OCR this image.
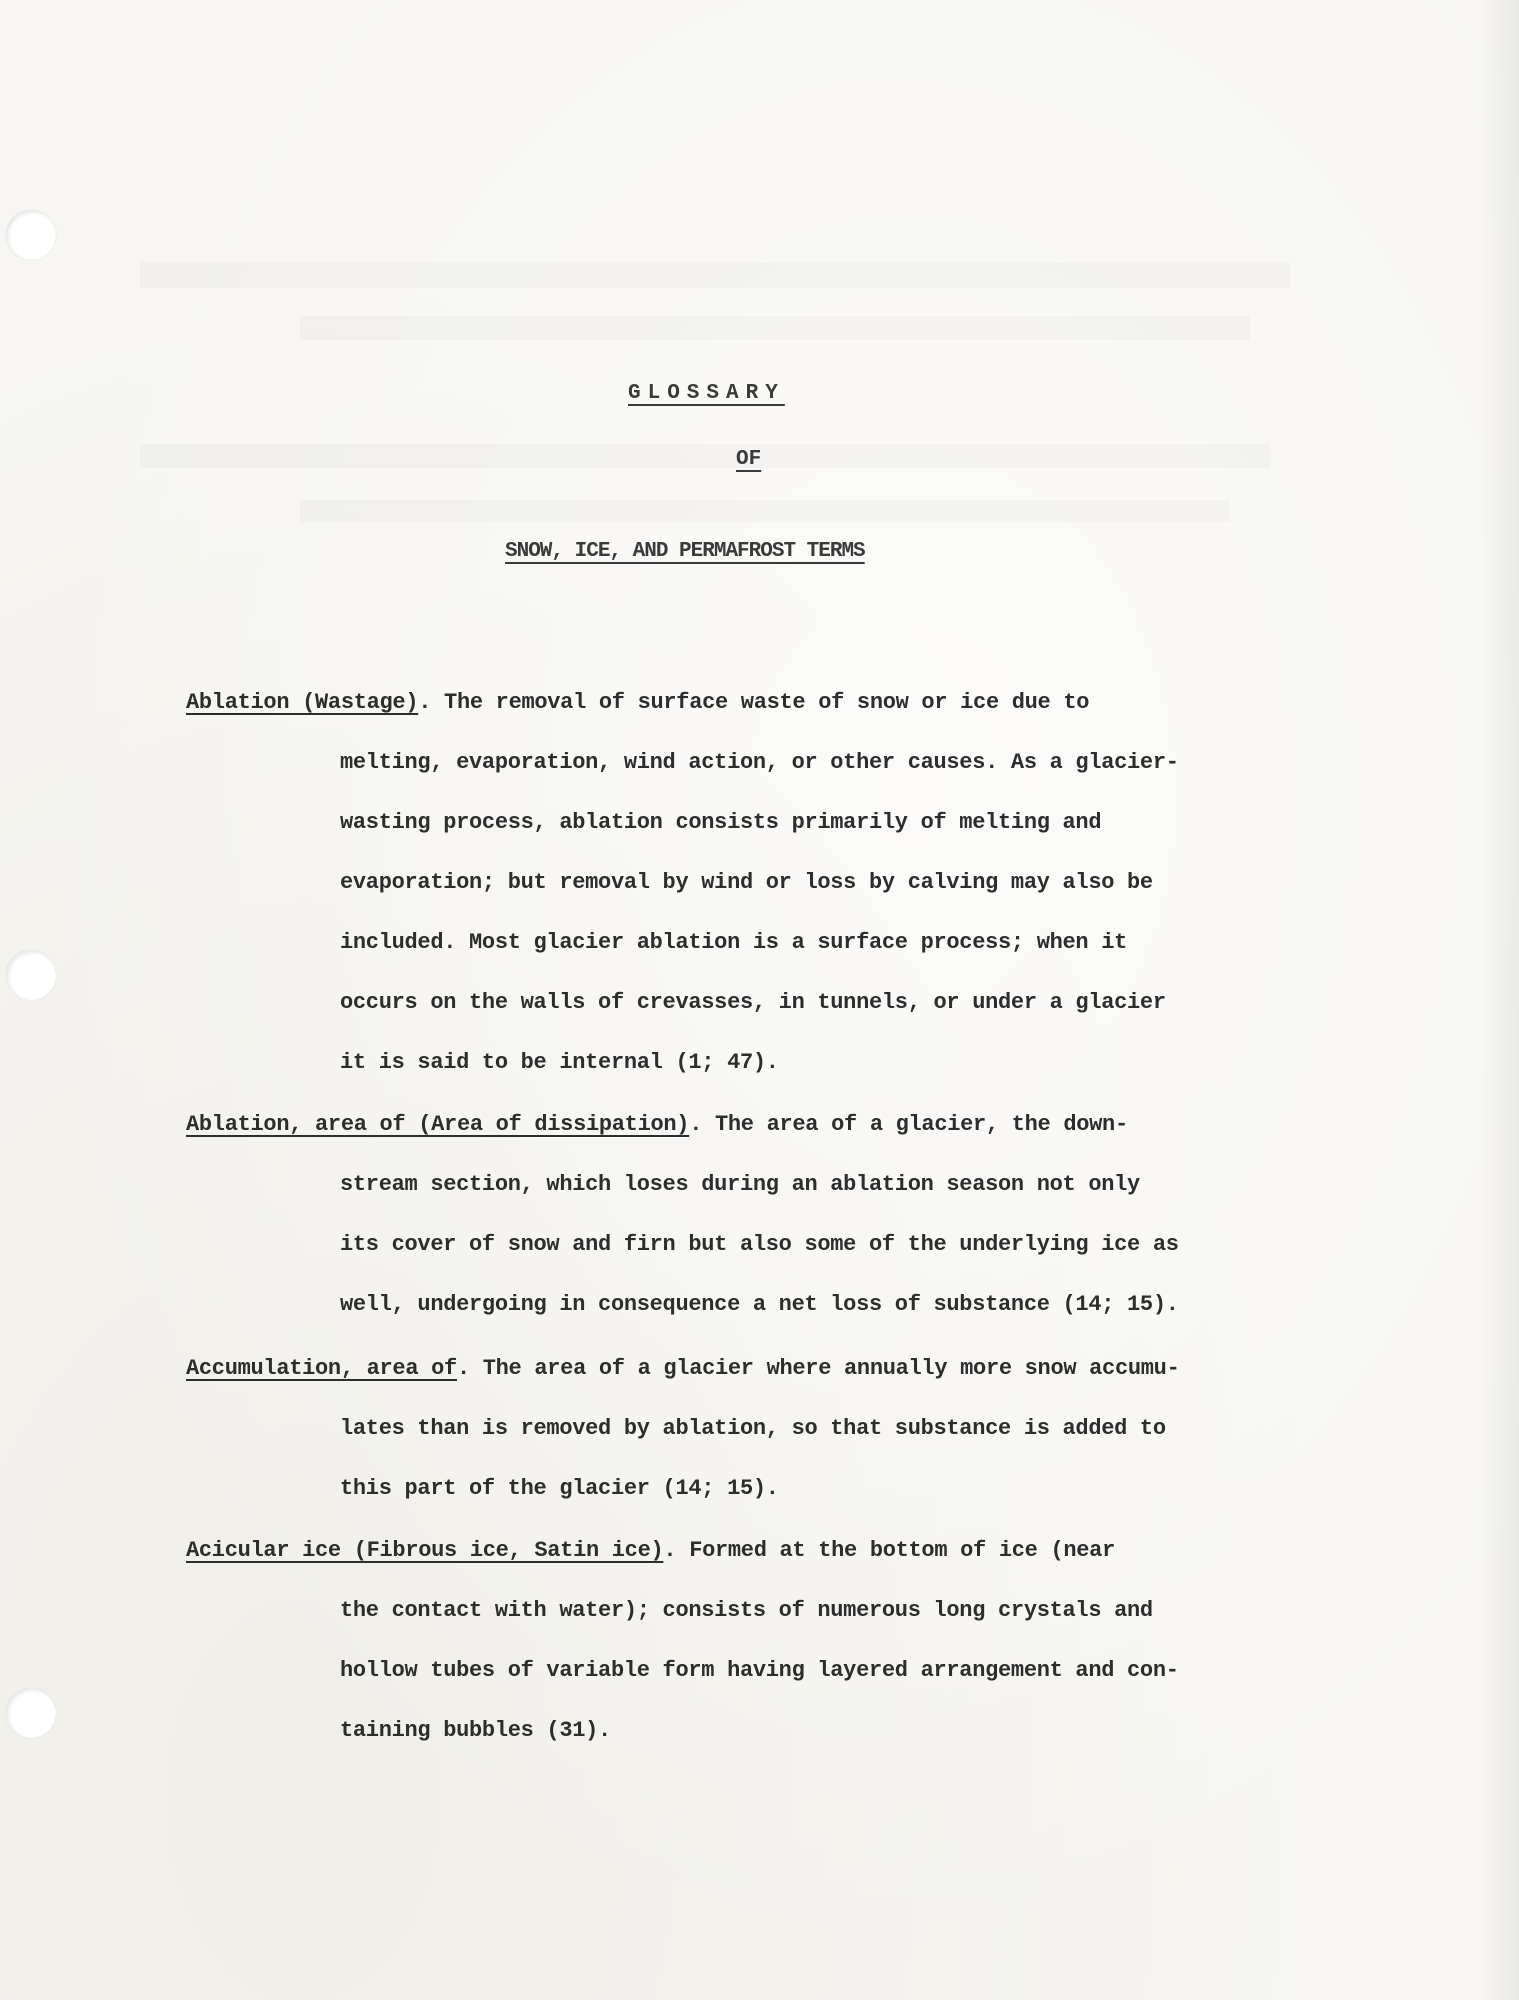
GLOSSARY
OF
SNOW, ICE, AND PERMAFROST TERMS
Ablation (Wastage). The removal of surface waste of snow or ice due to
melting, evaporation, wind action, or other causes. As a glacier-
wasting process, ablation consists primarily of melting and
evaporation; but removal by wind or loss by calving may also be
included. Most glacier ablation is a surface process; when it
occurs on the walls of crevasses, in tunnels, or under a glacier
it is said to be internal (1; 47).
Ablation, area of (Area of dissipation). The area of a glacier, the down-
stream section, which loses during an ablation season not only
its cover of snow and firn but also some of the underlying ice as
well, undergoing in consequence a net loss of substance (14; 15).
Accumulation, area of. The area of a glacier where annually more snow accumu-
lates than is removed by ablation, so that substance is added to
this part of the glacier (14; 15).
Acicular ice (Fibrous ice, Satin ice). Formed at the bottom of ice (near
the contact with water); consists of numerous long crystals and
hollow tubes of variable form having layered arrangement and con-
taining bubbles (31).
